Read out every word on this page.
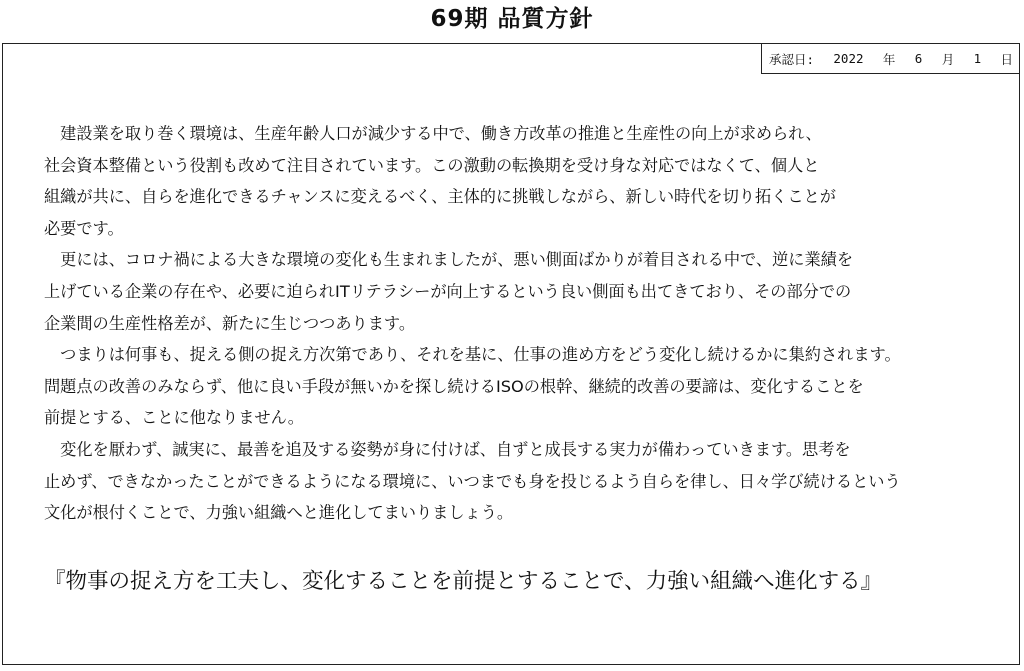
69期 品質方針
承認日: 2022 年 6 月 1 日
　建設業を取り巻く環境は、生産年齢人口が減少する中で、働き方改革の推進と生産性の向上が求められ、
社会資本整備という役割も改めて注目されています。この激動の転換期を受け身な対応ではなくて、個人と
組織が共に、自らを進化できるチャンスに変えるべく、主体的に挑戦しながら、新しい時代を切り拓くことが
必要です。
　更には、コロナ禍による大きな環境の変化も生まれましたが、悪い側面ばかりが着目される中で、逆に業績を
上げている企業の存在や、必要に迫られITリテラシーが向上するという良い側面も出てきており、その部分での
企業間の生産性格差が、新たに生じつつあります。
　つまりは何事も、捉える側の捉え方次第であり、それを基に、仕事の進め方をどう変化し続けるかに集約されます。
問題点の改善のみならず、他に良い手段が無いかを探し続けるISOの根幹、継続的改善の要諦は、変化することを
前提とする、ことに他なりません。
　変化を厭わず、誠実に、最善を追及する姿勢が身に付けば、自ずと成長する実力が備わっていきます。思考を
止めず、できなかったことができるようになる環境に、いつまでも身を投じるよう自らを律し、日々学び続けるという
文化が根付くことで、力強い組織へと進化してまいりましょう。
『物事の捉え方を工夫し、変化することを前提とすることで、力強い組織へ進化する』
